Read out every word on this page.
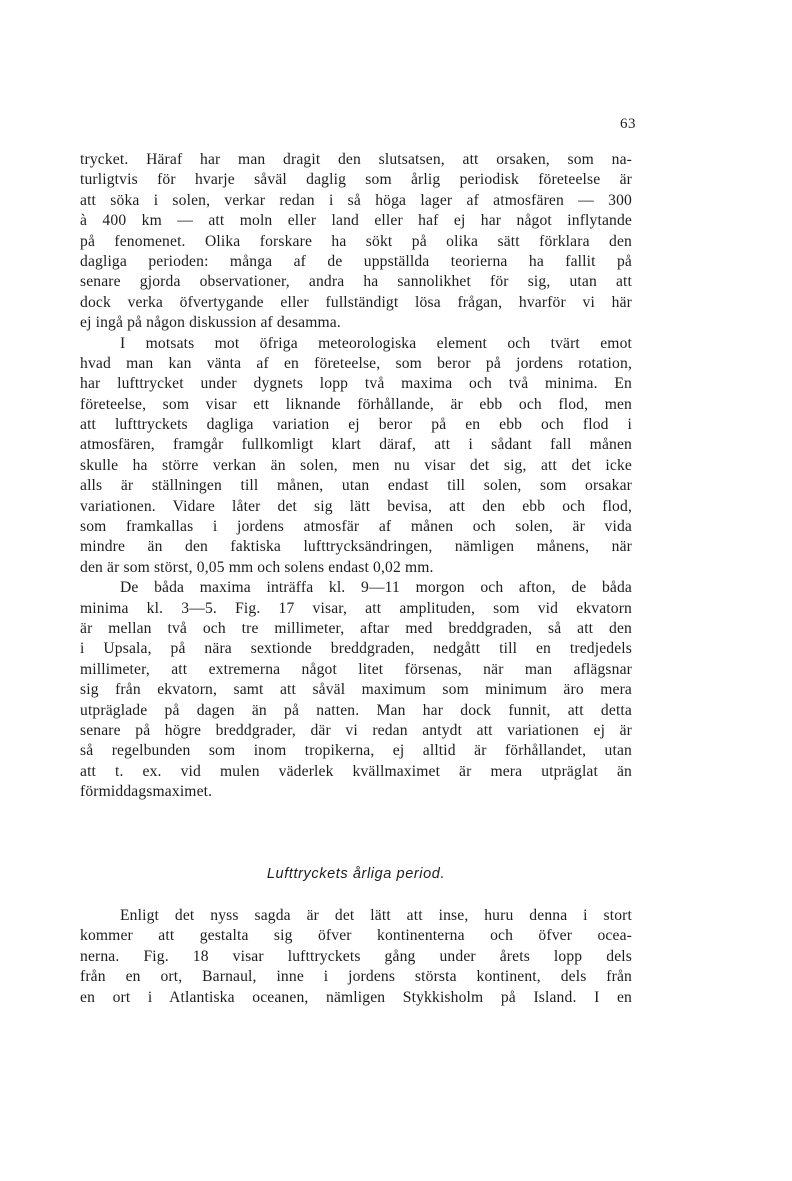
63
trycket. Häraf har man dragit den slutsatsen, att orsaken, som na-
turligtvis för hvarje såväl daglig som årlig periodisk företeelse är
att söka i solen, verkar redan i så höga lager af atmosfären — 300
à 400 km — att moln eller land eller haf ej har något inflytande
på fenomenet. Olika forskare ha sökt på olika sätt förklara den
dagliga perioden: många af de uppställda teorierna ha fallit på
senare gjorda observationer, andra ha sannolikhet för sig, utan att
dock verka öfvertygande eller fullständigt lösa frågan, hvarför vi här
ej ingå på någon diskussion af desamma.
I motsats mot öfriga meteorologiska element och tvärt emot
hvad man kan vänta af en företeelse, som beror på jordens rotation,
har lufttrycket under dygnets lopp två maxima och två minima. En
företeelse, som visar ett liknande förhållande, är ebb och flod, men
att lufttryckets dagliga variation ej beror på en ebb och flod i
atmosfären, framgår fullkomligt klart däraf, att i sådant fall månen
skulle ha större verkan än solen, men nu visar det sig, att det icke
alls är ställningen till månen, utan endast till solen, som orsakar
variationen. Vidare låter det sig lätt bevisa, att den ebb och flod,
som framkallas i jordens atmosfär af månen och solen, är vida
mindre än den faktiska lufttrycksändringen, nämligen månens, när
den är som störst, 0,05 mm och solens endast 0,02 mm.
De båda maxima inträffa kl. 9—11 morgon och afton, de båda
minima kl. 3—5. Fig. 17 visar, att amplituden, som vid ekvatorn
är mellan två och tre millimeter, aftar med breddgraden, så att den
i Upsala, på nära sextionde breddgraden, nedgått till en tredjedels
millimeter, att extremerna något litet försenas, när man aflägsnar
sig från ekvatorn, samt att såväl maximum som minimum äro mera
utpräglade på dagen än på natten. Man har dock funnit, att detta
senare på högre breddgrader, där vi redan antydt att variationen ej är
så regelbunden som inom tropikerna, ej alltid är förhållandet, utan
att t. ex. vid mulen väderlek kvällmaximet är mera utpräglat än
förmiddagsmaximet.
Lufttryckets årliga period.
Enligt det nyss sagda är det lätt att inse, huru denna i stort
kommer att gestalta sig öfver kontinenterna och öfver ocea-
nerna. Fig. 18 visar lufttryckets gång under årets lopp dels
från en ort, Barnaul, inne i jordens största kontinent, dels från
en ort i Atlantiska oceanen, nämligen Stykkisholm på Island. I en
